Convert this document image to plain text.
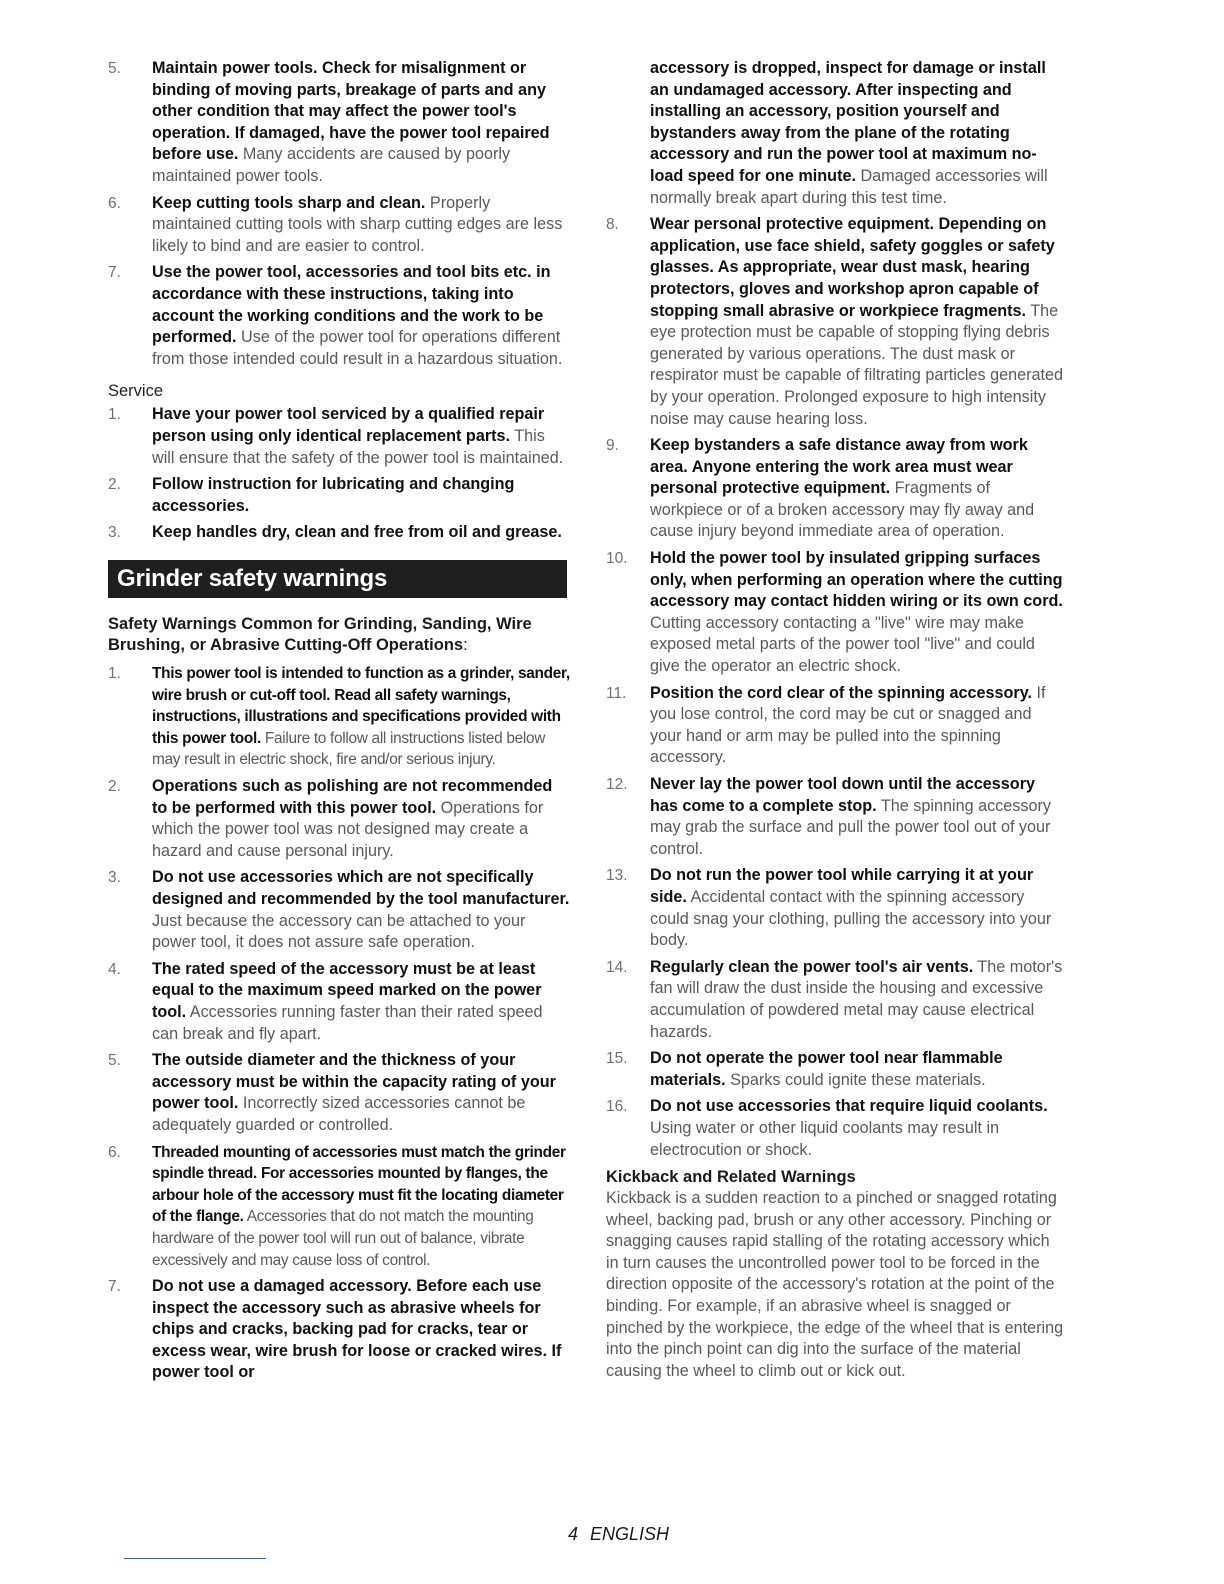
5.	Maintain power tools. Check for misalignment or binding of moving parts, breakage of parts and any other condition that may affect the power tool's operation. If damaged, have the power tool repaired before use. Many accidents are caused by poorly maintained power tools.
6.	Keep cutting tools sharp and clean. Properly maintained cutting tools with sharp cutting edges are less likely to bind and are easier to control.
7.	Use the power tool, accessories and tool bits etc. in accordance with these instructions, taking into account the working conditions and the work to be performed. Use of the power tool for operations different from those intended could result in a hazardous situation.
Service
1.	Have your power tool serviced by a qualified repair person using only identical replacement parts. This will ensure that the safety of the power tool is maintained.
2.	Follow instruction for lubricating and changing accessories.
3.	Keep handles dry, clean and free from oil and grease.
Grinder safety warnings
Safety Warnings Common for Grinding, Sanding, Wire Brushing, or Abrasive Cutting-Off Operations:
1.	This power tool is intended to function as a grinder, sander, wire brush or cut-off tool. Read all safety warnings, instructions, illustrations and specifications provided with this power tool. Failure to follow all instructions listed below may result in electric shock, fire and/or serious injury.
2.	Operations such as polishing are not recommended to be performed with this power tool. Operations for which the power tool was not designed may create a hazard and cause personal injury.
3.	Do not use accessories which are not specifically designed and recommended by the tool manufacturer. Just because the accessory can be attached to your power tool, it does not assure safe operation.
4.	The rated speed of the accessory must be at least equal to the maximum speed marked on the power tool. Accessories running faster than their rated speed can break and fly apart.
5.	The outside diameter and the thickness of your accessory must be within the capacity rating of your power tool. Incorrectly sized accessories cannot be adequately guarded or controlled.
6.	Threaded mounting of accessories must match the grinder spindle thread. For accessories mounted by flanges, the arbour hole of the accessory must fit the locating diameter of the flange. Accessories that do not match the mounting hardware of the power tool will run out of balance, vibrate excessively and may cause loss of control.
7.	Do not use a damaged accessory. Before each use inspect the accessory such as abrasive wheels for chips and cracks, backing pad for cracks, tear or excess wear, wire brush for loose or cracked wires. If power tool or
accessory is dropped, inspect for damage or install an undamaged accessory. After inspecting and installing an accessory, position yourself and bystanders away from the plane of the rotating accessory and run the power tool at maximum no-load speed for one minute. Damaged accessories will normally break apart during this test time.
8.	Wear personal protective equipment. Depending on application, use face shield, safety goggles or safety glasses. As appropriate, wear dust mask, hearing protectors, gloves and workshop apron capable of stopping small abrasive or workpiece fragments. The eye protection must be capable of stopping flying debris generated by various operations. The dust mask or respirator must be capable of filtrating particles generated by your operation. Prolonged exposure to high intensity noise may cause hearing loss.
9.	Keep bystanders a safe distance away from work area. Anyone entering the work area must wear personal protective equipment. Fragments of workpiece or of a broken accessory may fly away and cause injury beyond immediate area of operation.
10.	Hold the power tool by insulated gripping surfaces only, when performing an operation where the cutting accessory may contact hidden wiring or its own cord. Cutting accessory contacting a "live" wire may make exposed metal parts of the power tool "live" and could give the operator an electric shock.
11.	Position the cord clear of the spinning accessory. If you lose control, the cord may be cut or snagged and your hand or arm may be pulled into the spinning accessory.
12.	Never lay the power tool down until the accessory has come to a complete stop. The spinning accessory may grab the surface and pull the power tool out of your control.
13.	Do not run the power tool while carrying it at your side. Accidental contact with the spinning accessory could snag your clothing, pulling the accessory into your body.
14.	Regularly clean the power tool's air vents. The motor's fan will draw the dust inside the housing and excessive accumulation of powdered metal may cause electrical hazards.
15.	Do not operate the power tool near flammable materials. Sparks could ignite these materials.
16.	Do not use accessories that require liquid coolants. Using water or other liquid coolants may result in electrocution or shock.
Kickback and Related Warnings
Kickback is a sudden reaction to a pinched or snagged rotating wheel, backing pad, brush or any other accessory. Pinching or snagging causes rapid stalling of the rotating accessory which in turn causes the uncontrolled power tool to be forced in the direction opposite of the accessory's rotation at the point of the binding. For example, if an abrasive wheel is snagged or pinched by the workpiece, the edge of the wheel that is entering into the pinch point can dig into the surface of the material causing the wheel to climb out or kick out.
4 ENGLISH
